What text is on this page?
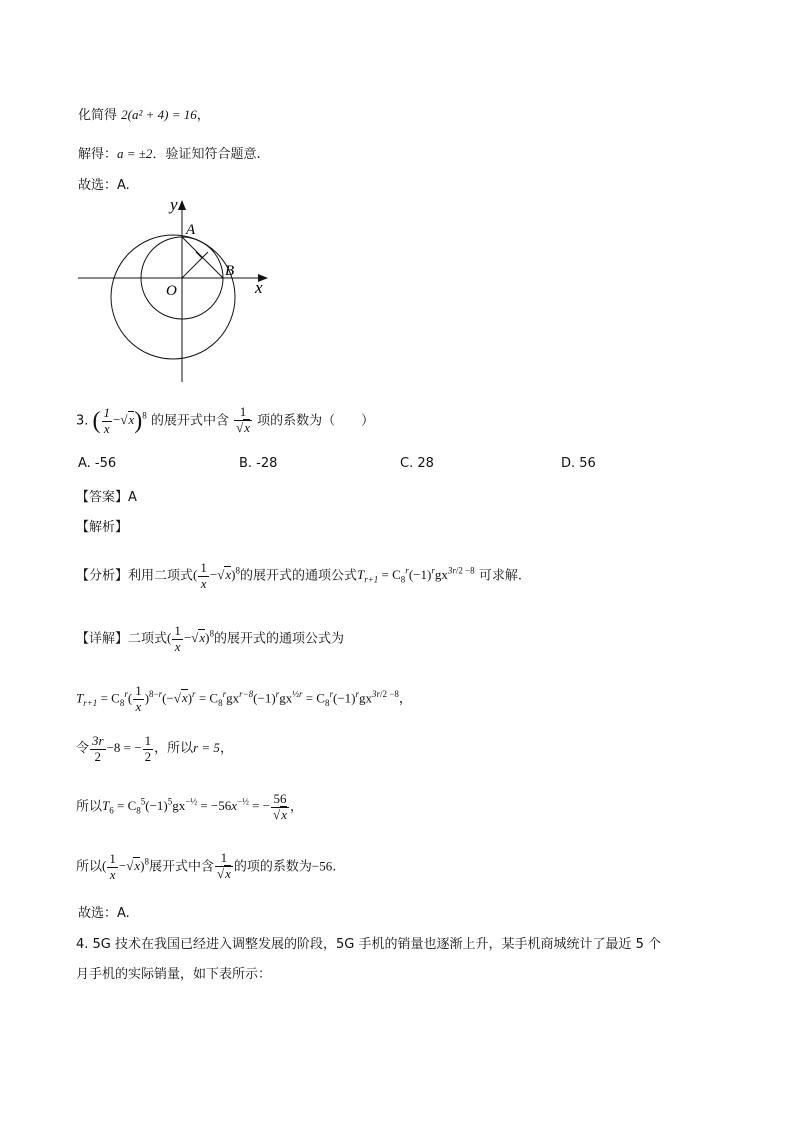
化简得 2(a² + 4) = 16，
解得：a = ±2．验证知符合题意.
故选：A.
y
x
O
A
B
3. ( $\frac{1}{x} -√x)^8$ 的展开式中含 $\frac{1}{√x}$ 项的系数为（　　）
A. -56	B. -28	C. 28	D. 56
【答案】A
【解析】
【分析】利用二项式( $\frac{1}{x} -√x)^8$的展开式的通项公式$T_{r+1} = C_8^r(-1)^rgx^{3r/2 -8}$ 可求解.
【详解】二项式( $\frac{1}{x} -√x)^8$的展开式的通项公式为
$T_{r+1} = C_8^r( \frac{1}{x} )^{8-r}(-√x)^r = C_8^rgx^{r-8}(-1)^rgx^{\frac{1}{2}r} = C_8^r(-1)^rgx^{3r/2 -8}$，
令 $\frac{3r}{2} -8$ = − $\frac{1}{2}$ ，所以r = 5，
所以$T_6 = C_8^5(-1)^5gx^{-\frac{1}{2}} = -56x^{-\frac{1}{2}}$ = − $\frac{56}{√x}$ ，
所以( $\frac{1}{x} -√x)^8$展开式中含 $\frac{1}{√x}$ 的项的系数为−56.
故选：A.
4. 5G 技术在我国已经进入调整发展的阶段，5G 手机的销量也逐渐上升，某手机商城统计了最近 5 个
月手机的实际销量，如下表所示：
